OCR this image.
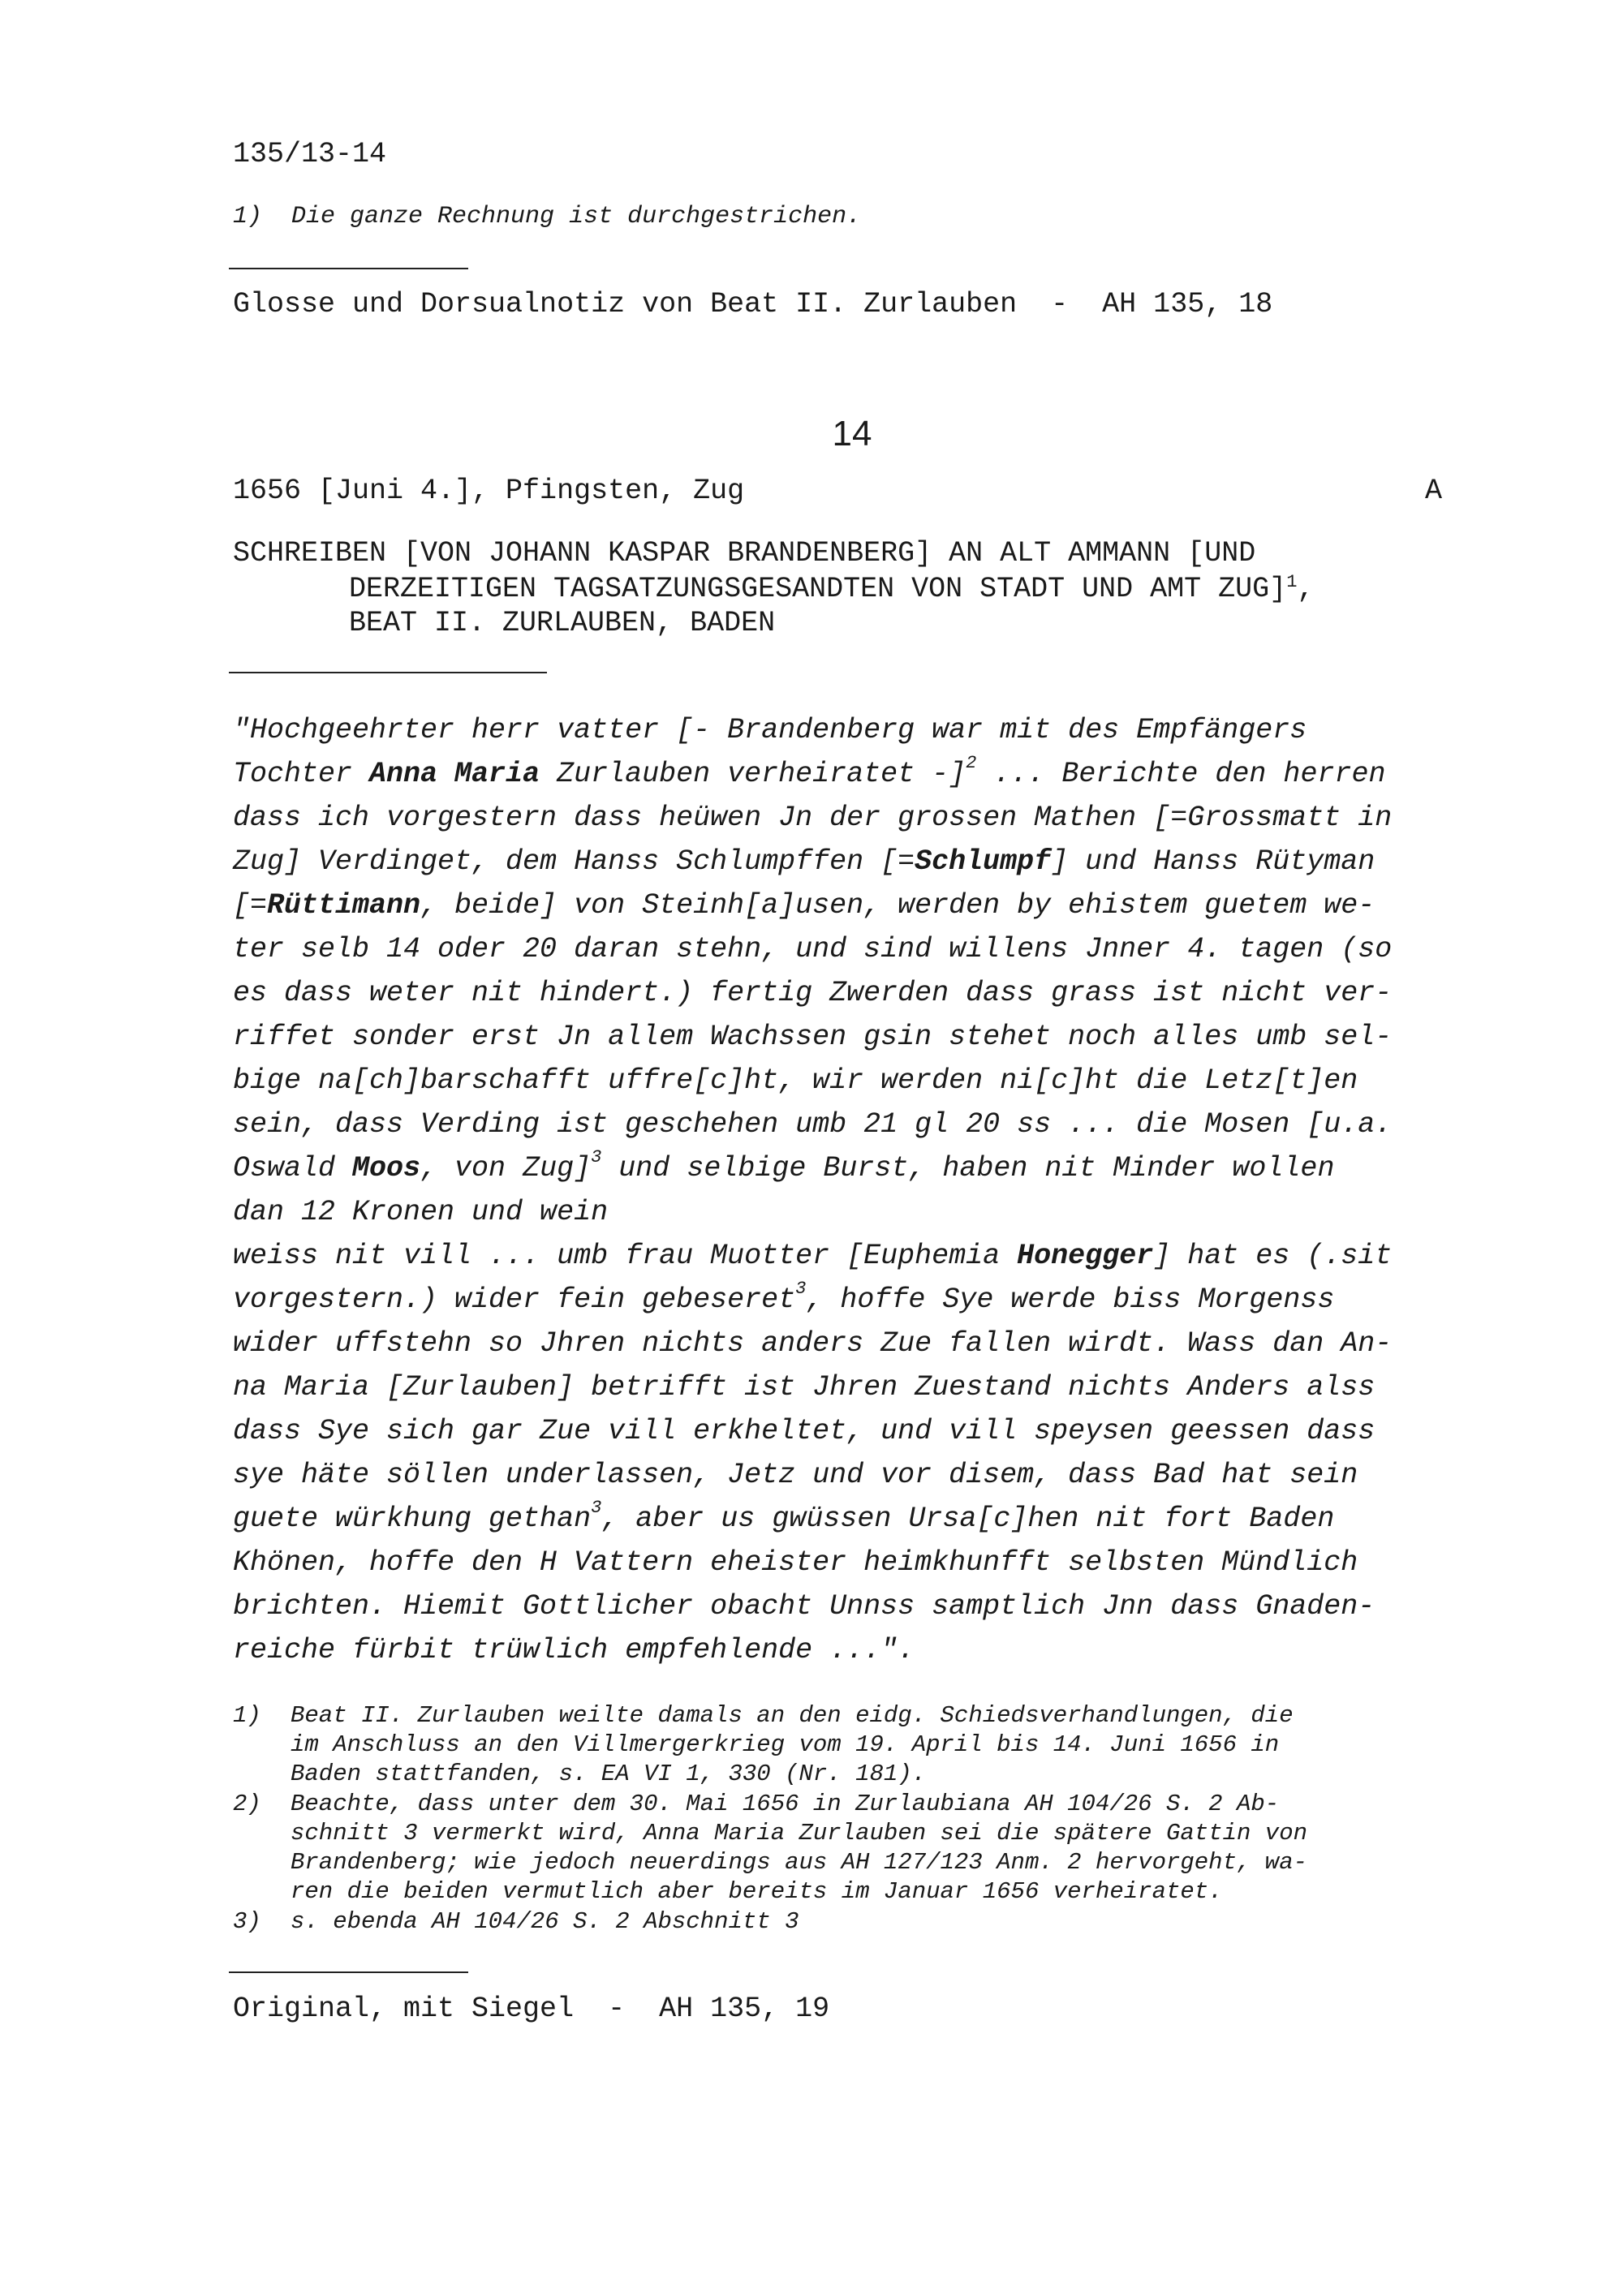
135/13-14
1)  Die ganze Rechnung ist durchgestrichen.
Glosse und Dorsualnotiz von Beat II. Zurlauben  -  AH 135, 18
14
1656 [Juni 4.], Pfingsten, Zug	A
SCHREIBEN [VON JOHANN KASPAR BRANDENBERG] AN ALT AMMANN [UND
DERZEITIGEN TAGSATZUNGSGESANDTEN VON STADT UND AMT ZUG]$^1$,
BEAT II. ZURLAUBEN, BADEN
"Hochgeehrter herr vatter [- Brandenberg war mit des Empfängers
Tochter Anna Maria Zurlauben verheiratet -]$^2$ ... Berichte den herren
dass ich vorgestern dass heüwen Jn der grossen Mathen [=Grossmatt in
Zug] Verdinget, dem Hanss Schlumpffen [=Schlumpf] und Hanss Rütyman
[=Rüttimann, beide] von Steinh[a]usen, werden by ehistem guetem we-
ter selb 14 oder 20 daran stehn, und sind willens Jnner 4. tagen (so
es dass weter nit hindert.) fertig Zwerden dass grass ist nicht ver-
riffet sonder erst Jn allem Wachssen gsin stehet noch alles umb sel-
bige na[ch]barschafft uffre[c]ht, wir werden ni[c]ht die Letz[t]en
sein, dass Verding ist geschehen umb 21 gl 20 ss ... die Mosen [u.a.
Oswald Moos, von Zug]$^3$ und selbige Burst, haben nit Minder wollen
dan 12 Kronen und wein
weiss nit vill ... umb frau Muotter [Euphemia Honegger] hat es (.sit
vorgestern.) wider fein gebeseret$^3$, hoffe Sye werde biss Morgenss
wider uffstehn so Jhren nichts anders Zue fallen wirdt. Wass dan An-
na Maria [Zurlauben] betrifft ist Jhren Zuestand nichts Anders alss
dass Sye sich gar Zue vill erkheltet, und vill speysen geessen dass
sye häte söllen underlassen, Jetz und vor disem, dass Bad hat sein
guete würkhung gethan$^3$, aber us gwüssen Ursa[c]hen nit fort Baden
Khönen, hoffe den H Vattern eheister heimkhunfft selbsten Mündlich
brichten. Hiemit Gottlicher obacht Unnss samptlich Jnn dass Gnaden-
reiche fürbit trüwlich empfehlende ...".
1) Beat II. Zurlauben weilte damals an den eidg. Schiedsverhandlungen, die
im Anschluss an den Villmergerkrieg vom 19. April bis 14. Juni 1656 in
Baden stattfanden, s. EA VI 1, 330 (Nr. 181).
2) Beachte, dass unter dem 30. Mai 1656 in Zurlaubiana AH 104/26 S. 2 Ab-
schnitt 3 vermerkt wird, Anna Maria Zurlauben sei die spätere Gattin von
Brandenberg; wie jedoch neuerdings aus AH 127/123 Anm. 2 hervorgeht, wa-
ren die beiden vermutlich aber bereits im Januar 1656 verheiratet.
3) s. ebenda AH 104/26 S. 2 Abschnitt 3
Original, mit Siegel  -  AH 135, 19
